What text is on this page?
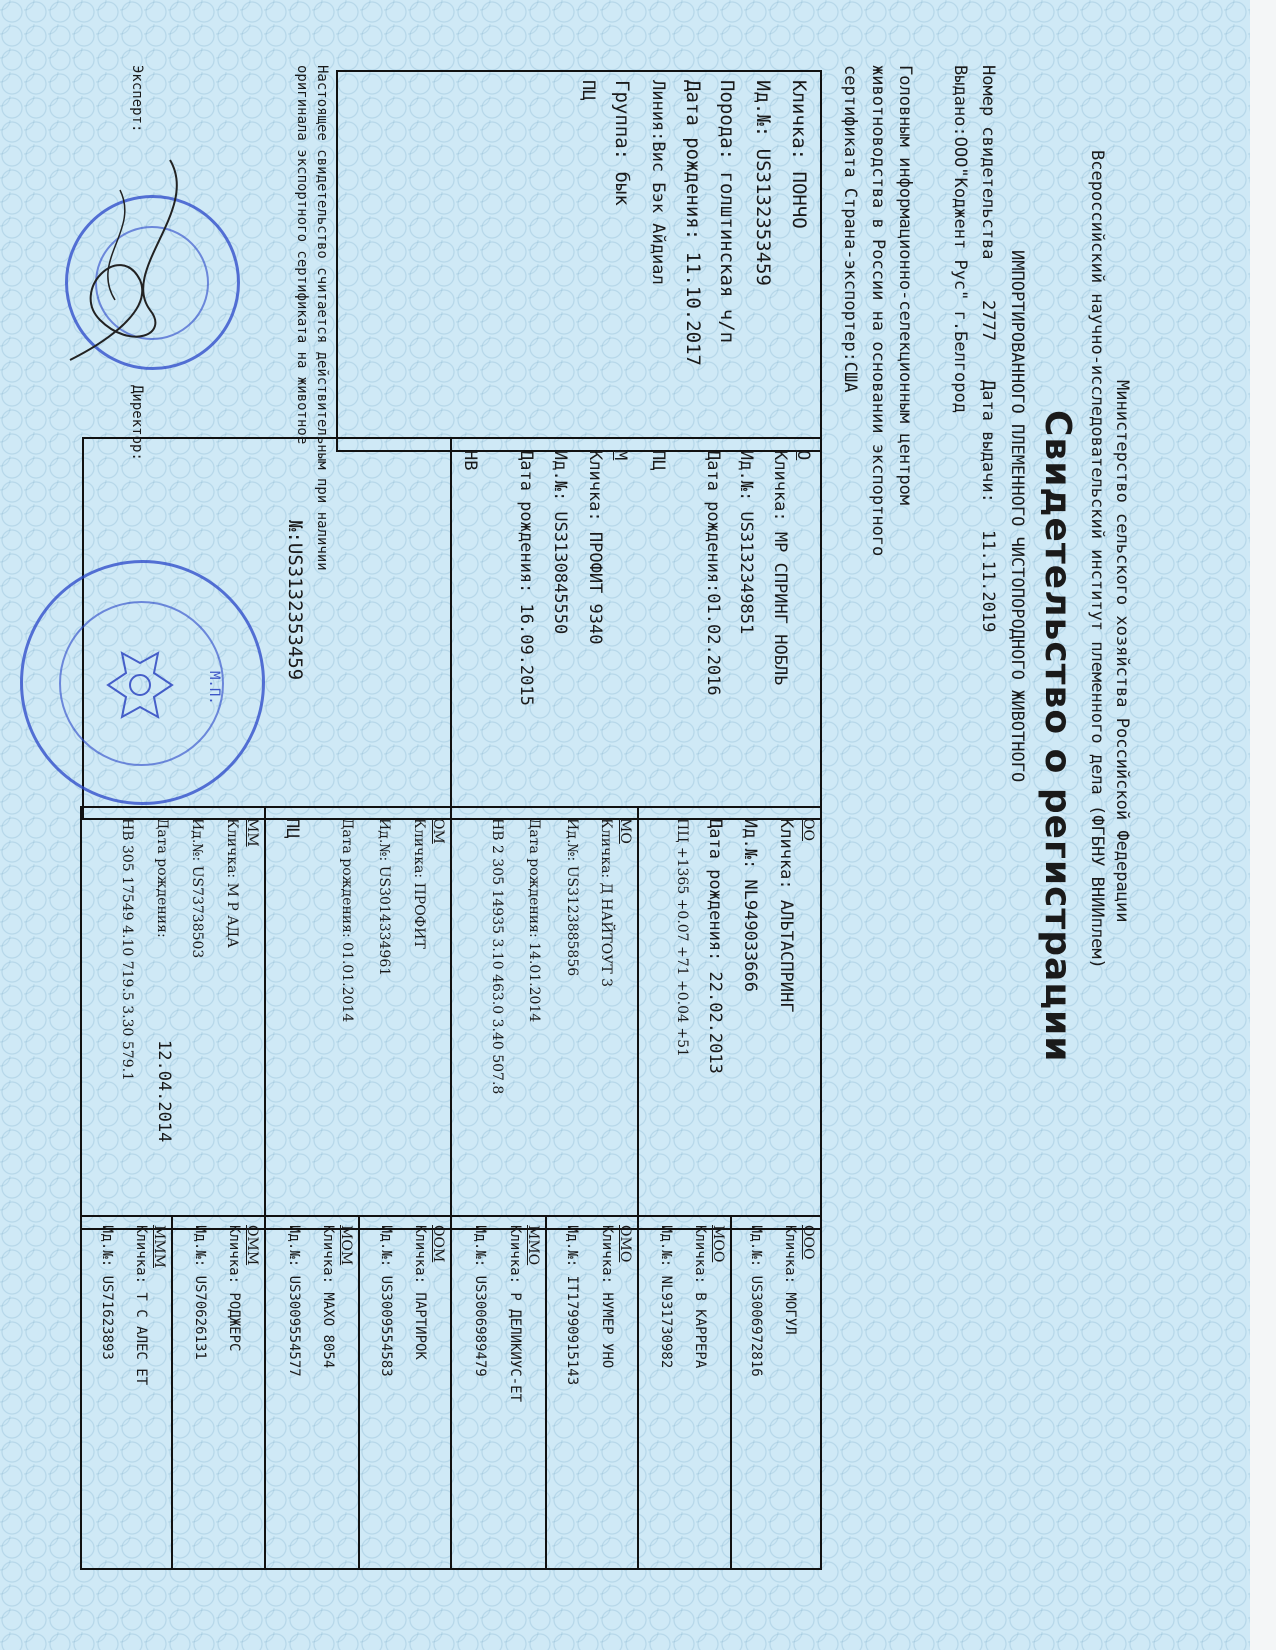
Министерство сельского хозяйства Российской Федерации
Всероссийский научно-исследовательский институт племенного дела (ФГБНУ ВНИИплем)
Свидетельство о регистрации
ИМПОРТИРОВАННОГО ПЛЕМЕННОГО ЧИСТОПОРОДНОГО ЖИВОТНОГО
Номер свидетельства
2777
Дата выдачи:
11.11.2019
Выдано:ООО"Коджент Рус" г.Белгород
Головным информационно-селекционным центром
животноводства в России на основании экспортного
сертификата Страна-экспортер:США
Кличка: ПОНЧО
Ид.№: US3132353459
Порода: голштинская ч/п
Дата рождения: 11.10.2017
Линия:Вис Бэк Айдиал
Группа: бык
ПЦ
О
Кличка: МР СПРИНГ НОБЛЬ
Ид.№: US3132349851
Дата рождения:01.02.2016
ПЦ
М
Кличка: ПРОФИТ 9340
Ид.№: US3130845550
Дата рождения: 16.09.2015
НВ
ОО
Кличка: АЛЬТАСПРИНГ
Ид.№: NL949033666
Дата рождения: 22.02.2013
ПЦ +1365 +0.07 +71 +0.04 +51
МО
Кличка: Д НАЙТОУТ 3
Ид.№: US3123885856
Дата рождения: 14.01.2014
НВ 2 305 14935 3.10 463.0 3.40 507.8
ОМ
Кличка: ПРОФИТ
Ид.№: US3014334961
Дата рождения: 01.01.2014
ПЦ
ММ
Кличка: М Р АДА
Ид.№: US73738503
Дата рождения:
12.04.2014
НВ 305 17549 4.10 719.5 3.30 579.1
ООО
Кличка: МОГУЛ
Ид.№: US3006972816
МОО
Кличка: В КАРРЕРА
Ид.№: NL931730982
ОМО
Кличка: НУМЕР УНО
Ид.№: IT17990915143
ММО
Кличка: Р ДЕЛИКИУС-ЕТ
Ид.№: US3006989479
ООМ
Кличка: ПАРТИРОК
Ид.№: US3009554583
МОМ
Кличка: МАХО 8054
Ид.№: US3009554577
ОММ
Кличка: РОДЖЕРС
Ид.№: US70626131
МММ
Кличка: Т С АЛЕС ЕТ
Ид.№: US71623893
Настоящее свидетельство считается действительным при наличии
оригинала экспортного сертификата на животное
№:US3132353459
Эксперт:
Директор:
М.П.
